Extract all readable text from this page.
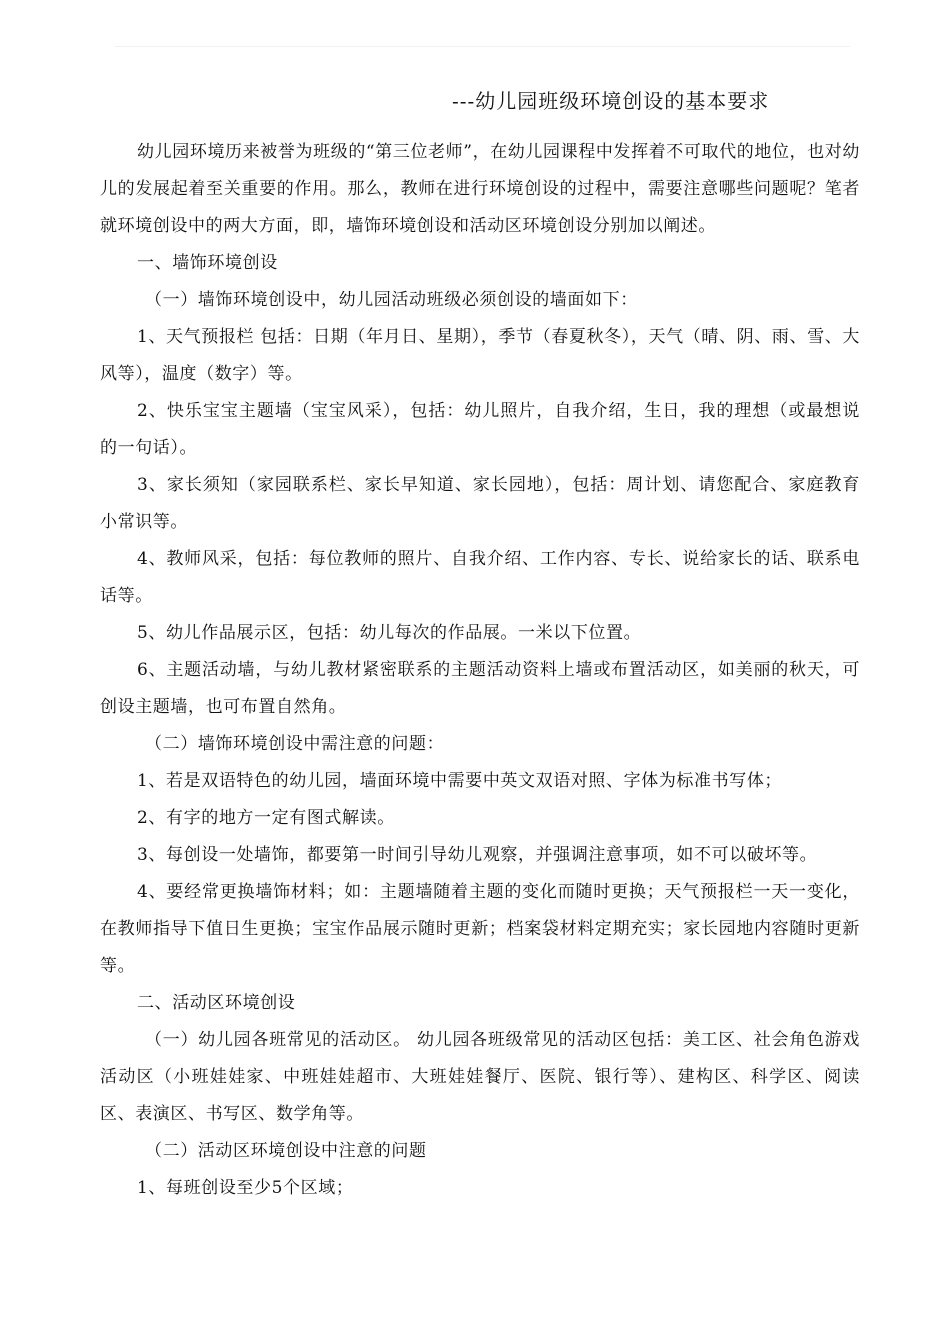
---幼儿园班级环境创设的基本要求

幼儿园环境历来被誉为班级的“第三位老师”，在幼儿园课程中发挥着不可取代的地位，也对幼儿的发展起着至关重要的作用。那么，教师在进行环境创设的过程中，需要注意哪些问题呢？笔者就环境创设中的两大方面，即，墙饰环境创设和活动区环境创设分别加以阐述。

一、墙饰环境创设

（一）墙饰环境创设中，幼儿园活动班级必须创设的墙面如下：

1、天气预报栏 包括：日期（年月日、星期），季节（春夏秋冬），天气（晴、阴、雨、雪、大风等），温度（数字）等。

2、快乐宝宝主题墙（宝宝风采），包括：幼儿照片，自我介绍，生日，我的理想（或最想说的一句话）。

3、家长须知（家园联系栏、家长早知道、家长园地），包括：周计划、请您配合、家庭教育小常识等。

4、教师风采，包括：每位教师的照片、自我介绍、工作内容、专长、说给家长的话、联系电话等。

5、幼儿作品展示区，包括：幼儿每次的作品展。一米以下位置。

6、主题活动墙，与幼儿教材紧密联系的主题活动资料上墙或布置活动区，如美丽的秋天，可创设主题墙，也可布置自然角。

（二）墙饰环境创设中需注意的问题：

1、若是双语特色的幼儿园，墙面环境中需要中英文双语对照、字体为标准书写体；

2、有字的地方一定有图式解读。

3、每创设一处墙饰，都要第一时间引导幼儿观察，并强调注意事项，如不可以破坏等。

4、要经常更换墙饰材料；如：主题墙随着主题的变化而随时更换；天气预报栏一天一变化，在教师指导下值日生更换；宝宝作品展示随时更新；档案袋材料定期充实；家长园地内容随时更新等。

二、活动区环境创设

（一）幼儿园各班常见的活动区。 幼儿园各班级常见的活动区包括：美工区、社会角色游戏活动区（小班娃娃家、中班娃娃超市、大班娃娃餐厅、医院、银行等）、建构区、科学区、阅读区、表演区、书写区、数学角等。

（二）活动区环境创设中注意的问题

1、每班创设至少5个区域；
